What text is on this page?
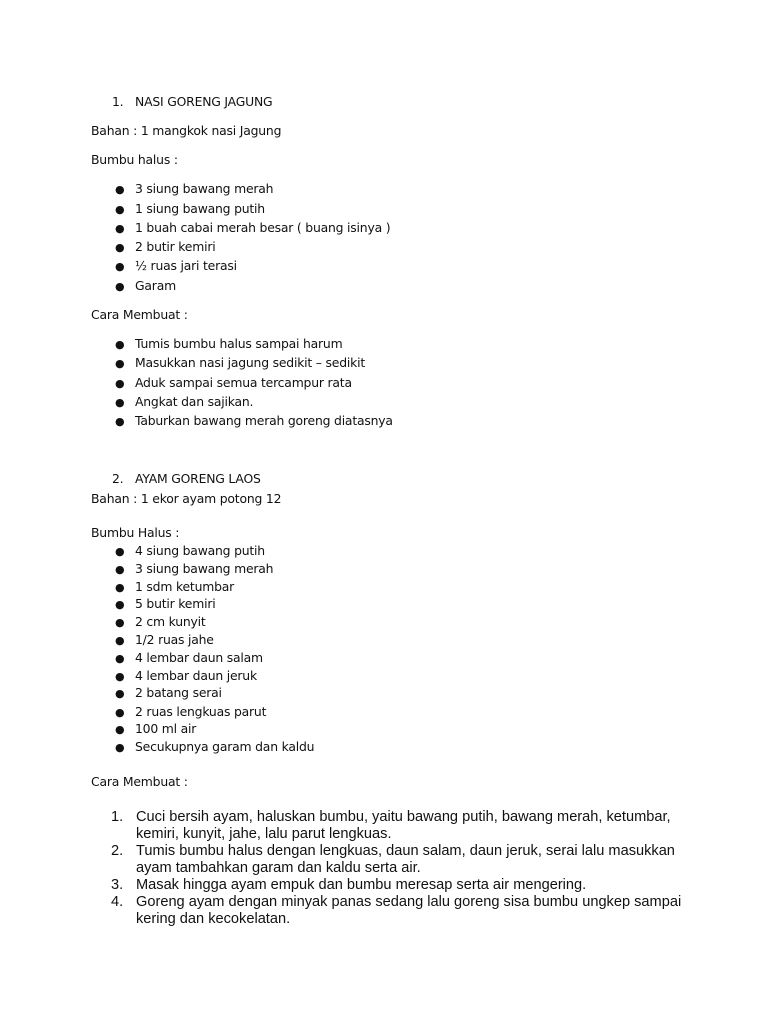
1. NASI GORENG JAGUNG
Bahan : 1 mangkok nasi Jagung
Bumbu halus :
● 3 siung bawang merah
● 1 siung bawang putih
● 1 buah cabai merah besar ( buang isinya )
● 2 butir kemiri
● ½ ruas jari terasi
● Garam
Cara Membuat :
● Tumis bumbu halus sampai harum
● Masukkan nasi jagung sedikit – sedikit
● Aduk sampai semua tercampur rata
● Angkat dan sajikan.
● Taburkan bawang merah goreng diatasnya
2. AYAM GORENG LAOS
Bahan : 1 ekor ayam potong 12
Bumbu Halus :
● 4 siung bawang putih
● 3 siung bawang merah
● 1 sdm ketumbar
● 5 butir kemiri
● 2 cm kunyit
● 1/2 ruas jahe
● 4 lembar daun salam
● 4 lembar daun jeruk
● 2 batang serai
● 2 ruas lengkuas parut
● 100 ml air
● Secukupnya garam dan kaldu
Cara Membuat :
1. Cuci bersih ayam, haluskan bumbu, yaitu bawang putih, bawang merah, ketumbar,
kemiri, kunyit, jahe, lalu parut lengkuas.
2. Tumis bumbu halus dengan lengkuas, daun salam, daun jeruk, serai lalu masukkan
ayam tambahkan garam dan kaldu serta air.
3. Masak hingga ayam empuk dan bumbu meresap serta air mengering.
4. Goreng ayam dengan minyak panas sedang lalu goreng sisa bumbu ungkep sampai
kering dan kecokelatan.
